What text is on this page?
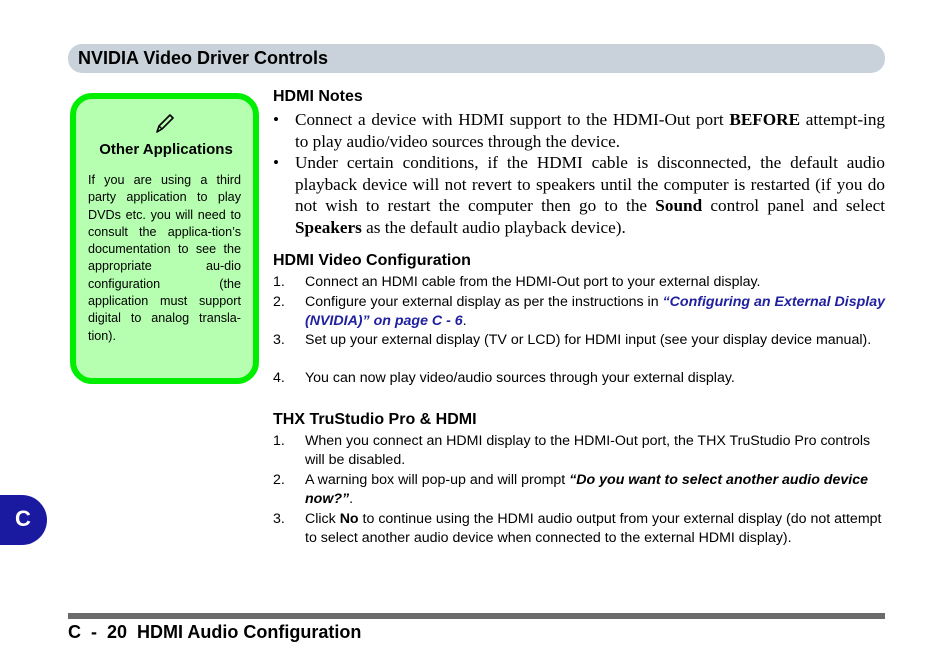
NVIDIA Video Driver Controls
C
Other Applications
If you are using a third party application to play DVDs etc. you will need to consult the applica-tion’s documentation to see the appropriate au-dio configuration (the application must support digital to analog transla-tion).
HDMI Notes
• Connect a device with HDMI support to the HDMI-Out port BEFORE attempt-ing to play audio/video sources through the device.
• Under certain conditions, if the HDMI cable is disconnected, the default audio playback device will not revert to speakers until the computer is restarted (if you do not wish to restart the computer then go to the Sound control panel and select Speakers as the default audio playback device).
HDMI Video Configuration
1. Connect an HDMI cable from the HDMI-Out port to your external display.
2. Configure your external display as per the instructions in “Configuring an External Display (NVIDIA)” on page C - 6.
3. Set up your external display (TV or LCD) for HDMI input (see your display device manual).
4. You can now play video/audio sources through your external display.
THX TruStudio Pro & HDMI
1. When you connect an HDMI display to the HDMI-Out port, the THX TruStudio Pro controls will be disabled.
2. A warning box will pop-up and will prompt “Do you want to select another audio device now?”.
3. Click No to continue using the HDMI audio output from your external display (do not attempt to select another audio device when connected to the external HDMI display).
C  -  20 HDMI Audio Configuration
